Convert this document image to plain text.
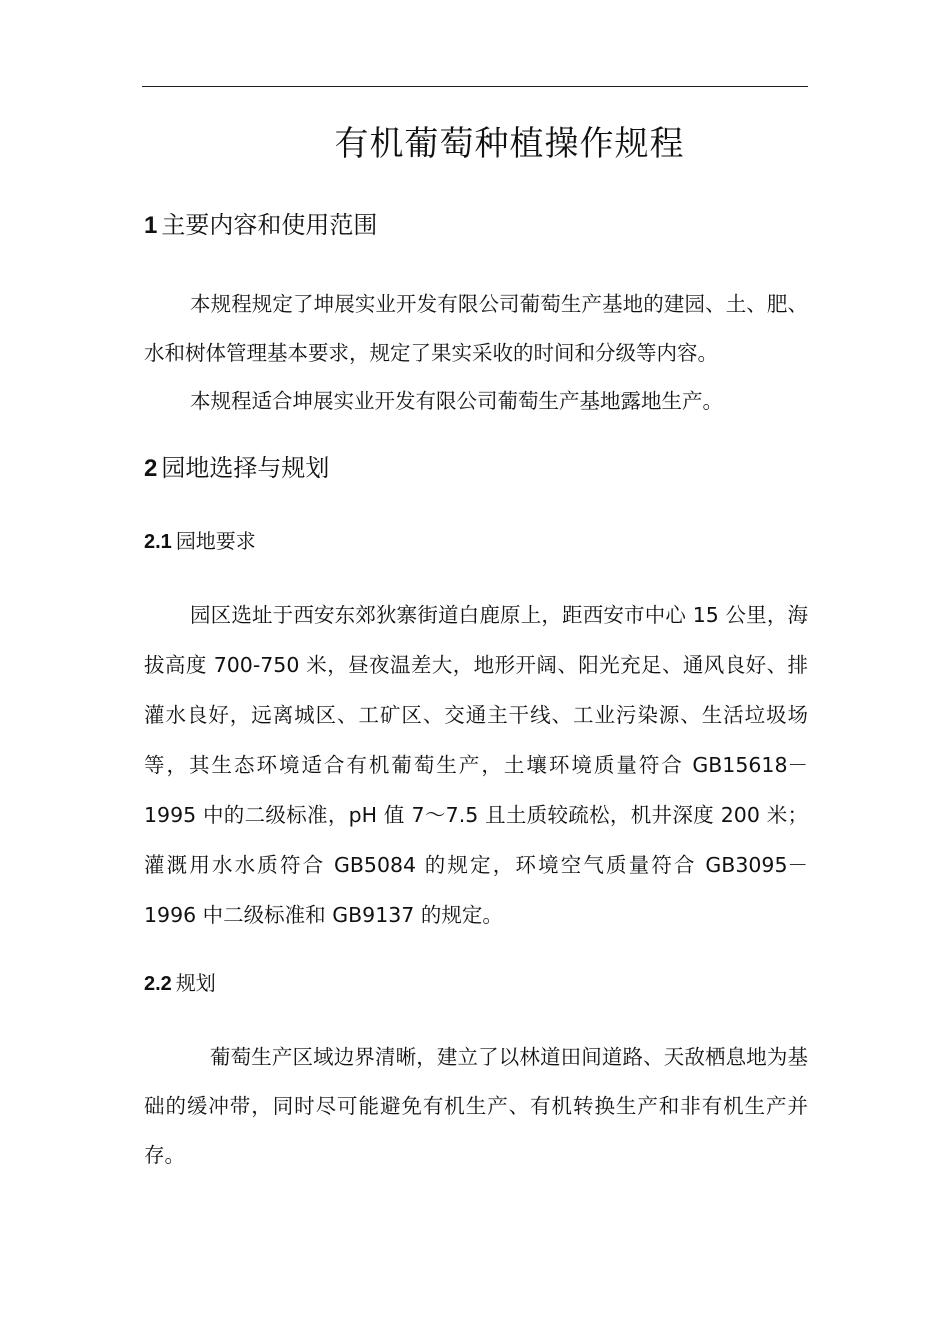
有机葡萄种植操作规程
1 主要内容和使用范围

本规程规定了坤展实业开发有限公司葡萄生产基地的建园、土、肥、水和树体管理基本要求，规定了果实采收的时间和分级等内容。

本规程适合坤展实业开发有限公司葡萄生产基地露地生产。

2 园地选择与规划
2.1 园地要求

园区选址于西安东郊狄寨街道白鹿原上，距西安市中心 15 公里，海拔高度 700-750 米，昼夜温差大，地形开阔、阳光充足、通风良好、排灌水良好，远离城区、工矿区、交通主干线、工业污染源、生活垃圾场等，其生态环境适合有机葡萄生产，土壤环境质量符合 GB15618－1995 中的二级标准，pH 值 7～7.5 且土质较疏松，机井深度 200 米；灌溉用水水质符合 GB5084 的规定，环境空气质量符合 GB3095－1996 中二级标准和 GB9137 的规定。

2.2 规划

葡萄生产区域边界清晰，建立了以林道田间道路、天敌栖息地为基础的缓冲带，同时尽可能避免有机生产、有机转换生产和非有机生产并存。
